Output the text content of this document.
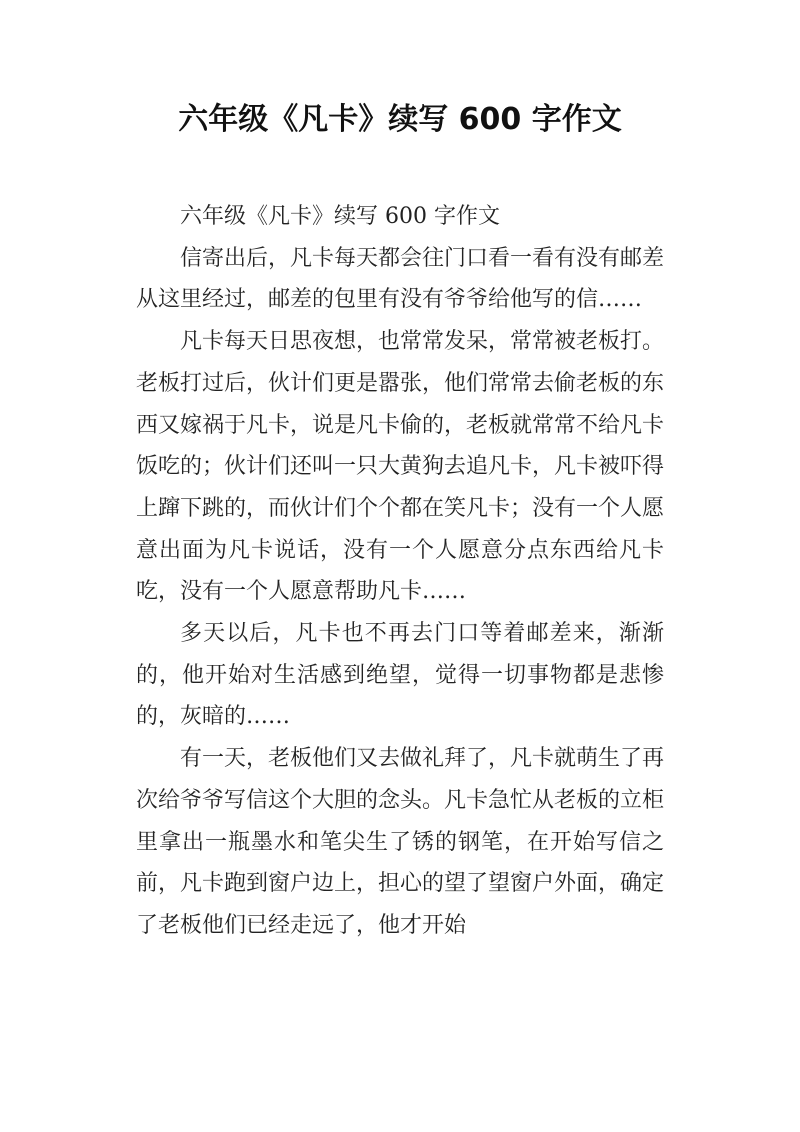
六年级《凡卡》续写 600 字作文

六年级《凡卡》续写 600 字作文

信寄出后，凡卡每天都会往门口看一看有没有邮差从这里经过，邮差的包里有没有爷爷给他写的信……

凡卡每天日思夜想，也常常发呆，常常被老板打。老板打过后，伙计们更是嚣张，他们常常去偷老板的东西又嫁祸于凡卡，说是凡卡偷的，老板就常常不给凡卡饭吃的；伙计们还叫一只大黄狗去追凡卡，凡卡被吓得上蹿下跳的，而伙计们个个都在笑凡卡；没有一个人愿意出面为凡卡说话，没有一个人愿意分点东西给凡卡吃，没有一个人愿意帮助凡卡……

多天以后，凡卡也不再去门口等着邮差来，渐渐的，他开始对生活感到绝望，觉得一切事物都是悲惨的，灰暗的……

有一天，老板他们又去做礼拜了，凡卡就萌生了再次给爷爷写信这个大胆的念头。凡卡急忙从老板的立柜里拿出一瓶墨水和笔尖生了锈的钢笔，在开始写信之前，凡卡跑到窗户边上，担心的望了望窗户外面，确定了老板他们已经走远了，他才开始
